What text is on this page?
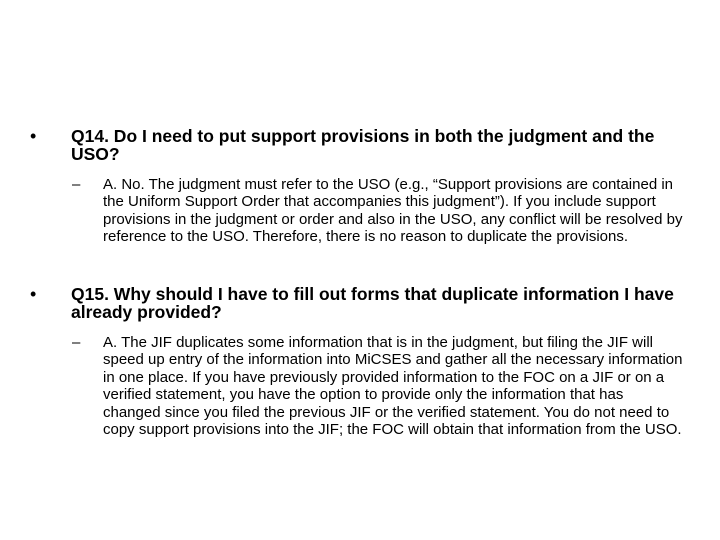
•	Q14. Do I need to put support provisions in both the judgment and the USO?
–	A. No. The judgment must refer to the USO (e.g., “Support provisions are contained in the Uniform Support Order that accompanies this judgment”). If you include support provisions in the judgment or order and also in the USO, any conflict will be resolved by reference to the USO. Therefore, there is no reason to duplicate the provisions.
•	Q15. Why should I have to fill out forms that duplicate information I have already provided?
–	A. The JIF duplicates some information that is in the judgment, but filing the JIF will speed up entry of the information into MiCSES and gather all the necessary information in one place. If you have previously provided information to the FOC on a JIF or on a verified statement, you have the option to provide only the information that has changed since you filed the previous JIF or the verified statement. You do not need to copy support provisions into the JIF; the FOC will obtain that information from the USO.
